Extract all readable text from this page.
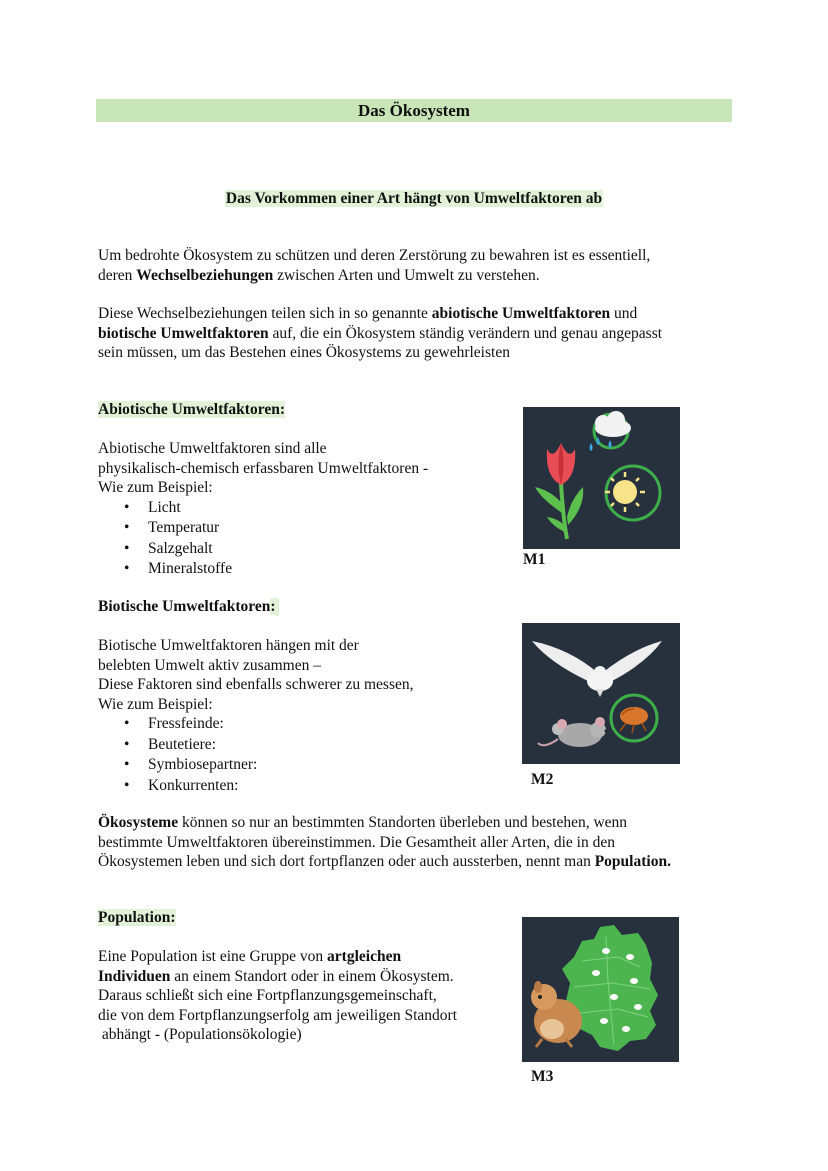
Das Ökosystem
Das Vorkommen einer Art hängt von Umweltfaktoren ab
Um bedrohte Ökosystem zu schützen und deren Zerstörung zu bewahren ist es essentiell,
deren Wechselbeziehungen zwischen Arten und Umwelt zu verstehen.
Diese Wechselbeziehungen teilen sich in so genannte abiotische Umweltfaktoren und
biotische Umweltfaktoren auf, die ein Ökosystem ständig verändern und genau angepasst
sein müssen, um das Bestehen eines Ökosystems zu gewehrleisten
Abiotische Umweltfaktoren:
Abiotische Umweltfaktoren sind alle
physikalisch-chemisch erfassbaren Umweltfaktoren -
Wie zum Beispiel:
• Licht
• Temperatur
• Salzgehalt
• Mineralstoffe
M1
Biotische Umweltfaktoren:
Biotische Umweltfaktoren hängen mit der
belebten Umwelt aktiv zusammen –
Diese Faktoren sind ebenfalls schwerer zu messen,
Wie zum Beispiel:
• Fressfeinde:
• Beutetiere:
• Symbiosepartner:
• Konkurrenten:	M2
Ökosysteme können so nur an bestimmten Standorten überleben und bestehen, wenn
bestimmte Umweltfaktoren übereinstimmen. Die Gesamtheit aller Arten, die in den
Ökosystemen leben und sich dort fortpflanzen oder auch aussterben, nennt man Population.
Population:
Eine Population ist eine Gruppe von artgleichen
Individuen an einem Standort oder in einem Ökosystem.
Daraus schließt sich eine Fortpflanzungsgemeinschaft,
die von dem Fortpflanzungserfolg am jeweiligen Standort
abhängt - (Populationsökologie)
M3
